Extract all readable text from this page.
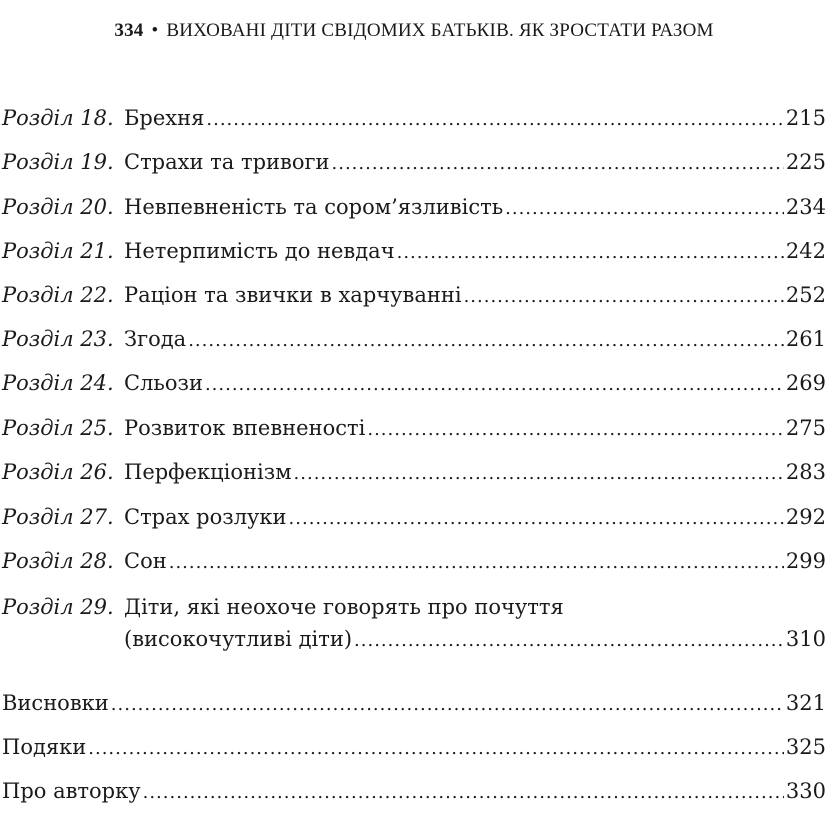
334 • ВИХОВАНІ ДІТИ СВІДОМИХ БАТЬКІВ. ЯК ЗРОСТАТИ РАЗОМ
Розділ 18. Брехня .....	215
Розділ 19. Страхи та тривоги .....	225
Розділ 20. Невпевненість та сором’язливість .....	234
Розділ 21. Нетерпимість до невдач .....	242
Розділ 22. Раціон та звички в харчуванні .....	252
Розділ 23. Згода .....	261
Розділ 24. Сльози .....	269
Розділ 25. Розвиток впевненості .....	275
Розділ 26. Перфекціонізм .....	283
Розділ 27. Страх розлуки .....	292
Розділ 28. Сон .....	299
Розділ 29. Діти, які неохоче говорять про почуття
(високочутливі діти) .....	310
Висновки .....	321
Подяки .....	325
Про авторку .....	330
